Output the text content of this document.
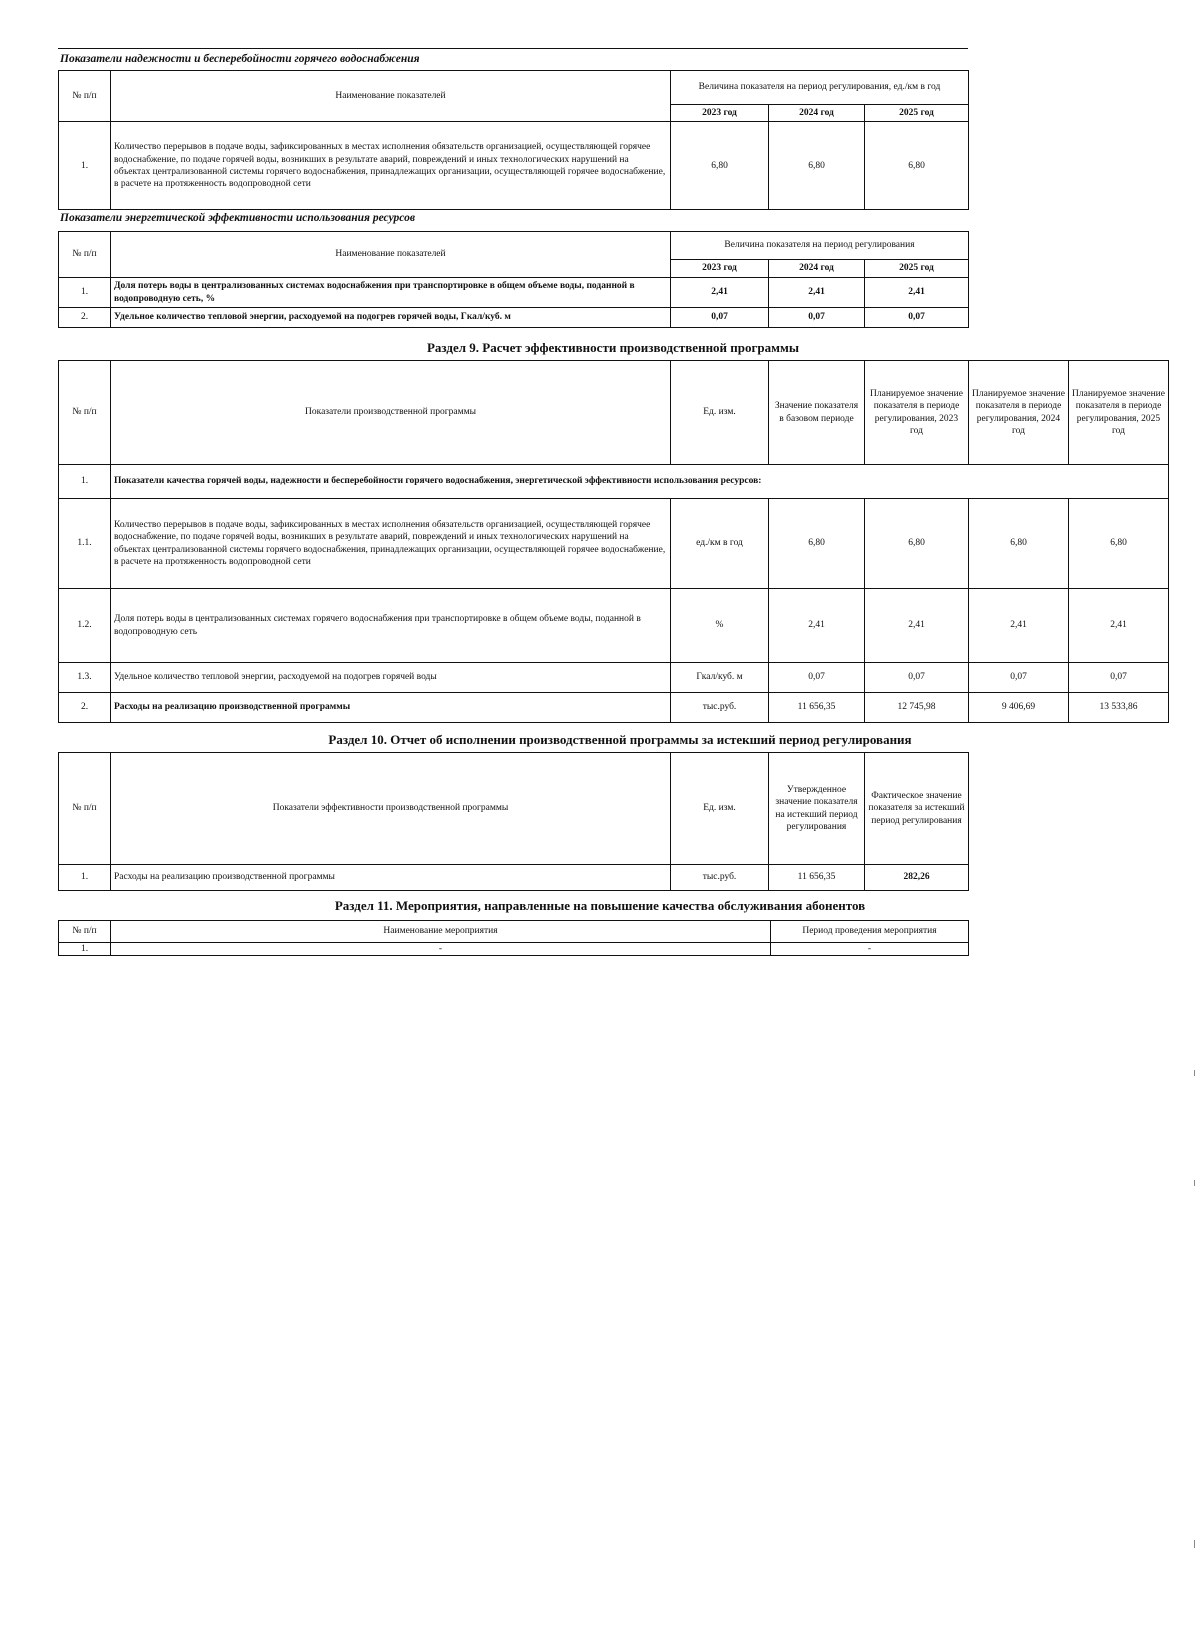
Показатели надежности и бесперебойности горячего водоснабжения
№ п/п	Наименование показателей	Величина показателя на период регулирования, ед./км в год		
		2023 год	2024 год	2025 год
1.	Количество перерывов в подаче воды, зафиксированных в местах исполнения обязательств организацией, осуществляющей горячее водоснабжение, по подаче горячей воды, возникших в результате аварий, повреждений и иных технологических нарушений на объектах централизованной системы горячего водоснабжения, принадлежащих организации, осуществляющей горячее водоснабжение, в расчете на протяженность водопроводной сети	6,80	6,80	6,80
Показатели энергетической эффективности использования ресурсов
№ п/п	Наименование показателей	Величина показателя на период регулирования		
		2023 год	2024 год	2025 год
1.	Доля потерь воды в централизованных системах водоснабжения при транспортировке в общем объеме воды, поданной в водопроводную сеть, %	2,41	2,41	2,41
2.	Удельное количество тепловой энергии, расходуемой на подогрев горячей воды, Гкал/куб. м	0,07	0,07	0,07
Раздел 9. Расчет эффективности производственной программы
№ п/п	Показатели производственной программы	Ед. изм.	Значение показателя в базовом периоде	Планируемое значение показателя в периоде регулирования, 2023 год	Планируемое значение показателя в периоде регулирования, 2024 год	Планируемое значение показателя в периоде регулирования, 2025 год
1.	Показатели качества горячей воды, надежности и бесперебойности горячего водоснабжения, энергетической эффективности использования ресурсов:					
1.1.	Количество перерывов в подаче воды, зафиксированных в местах исполнения обязательств организацией, осуществляющей горячее водоснабжение, по подаче горячей воды, возникших в результате аварий, повреждений и иных технологических нарушений на объектах централизованной системы горячего водоснабжения, принадлежащих организации, осуществляющей горячее водоснабжение, в расчете на протяженность водопроводной сети	ед./км в год	6,80	6,80	6,80	6,80
1.2.	Доля потерь воды в централизованных системах горячего водоснабжения при транспортировке в общем объеме воды, поданной в водопроводную сеть	%	2,41	2,41	2,41	2,41
1.3.	Удельное количество тепловой энергии, расходуемой на подогрев горячей воды	Гкал/куб. м	0,07	0,07	0,07	0,07
2.	Расходы на реализацию производственной программы	тыс.руб.	11 656,35	12 745,98	9 406,69	13 533,86
Раздел 10. Отчет об исполнении производственной программы за истекший период регулирования
№ п/п	Показатели эффективности производственной программы	Ед. изм.	Утвержденное значение показателя на истекший период регулирования	Фактическое значение показателя за истекший период регулирования
1.	Расходы на реализацию производственной программы	тыс.руб.	11 656,35	282,26
Раздел 11. Мероприятия, направленные на повышение качества обслуживания абонентов
№ п/п	Наименование мероприятия	Период проведения мероприятия
1.	-	-
